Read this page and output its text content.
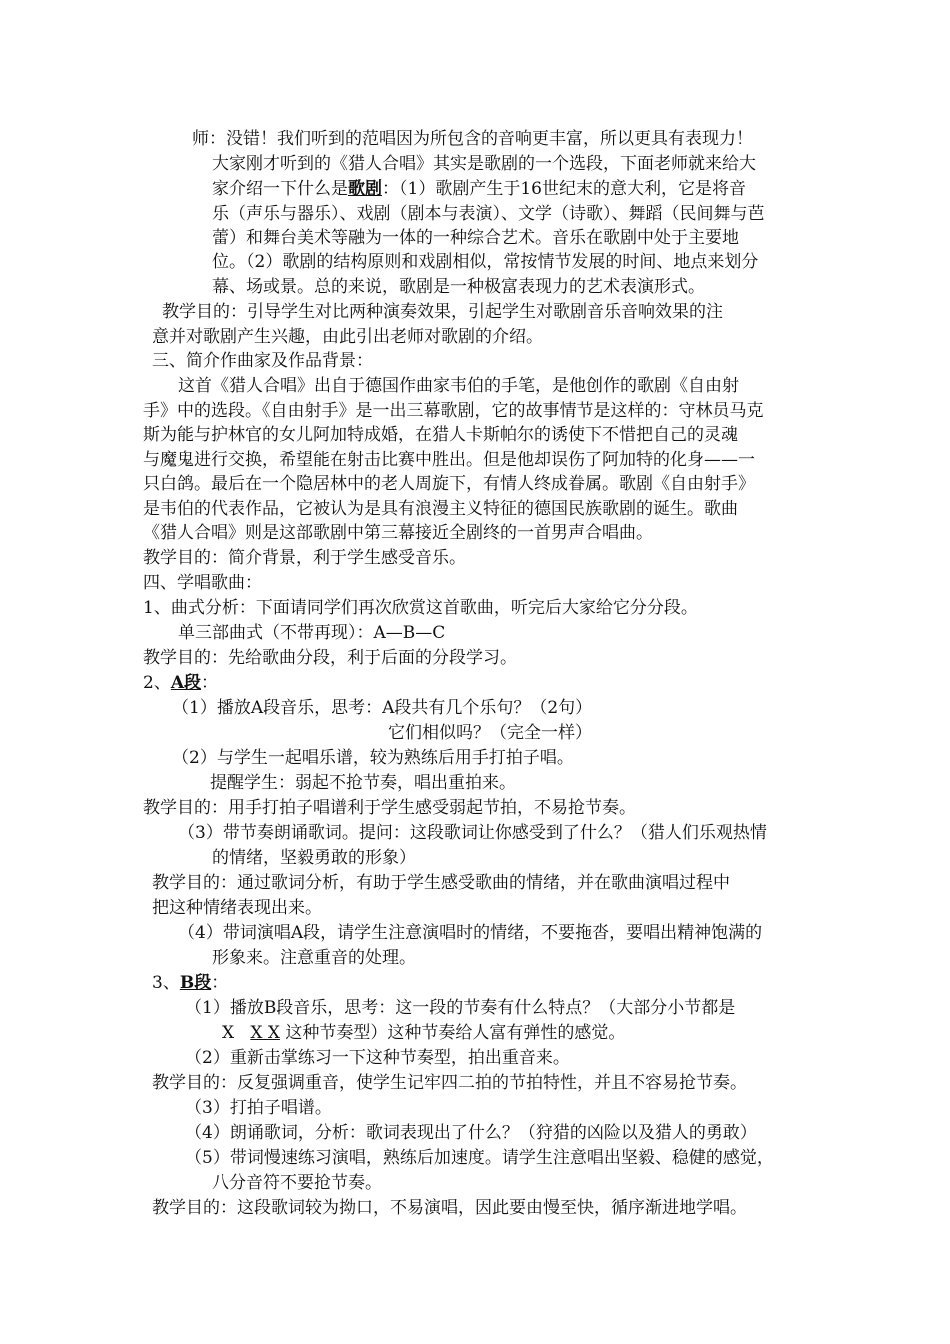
师：没错！我们听到的范唱因为所包含的音响更丰富，所以更具有表现力！
大家刚才听到的《猎人合唱》其实是歌剧的一个选段，下面老师就来给大
家介绍一下什么是歌剧：（1）歌剧产生于16世纪末的意大利，它是将音
乐（声乐与器乐）、戏剧（剧本与表演）、文学（诗歌）、舞蹈（民间舞与芭
蕾）和舞台美术等融为一体的一种综合艺术。音乐在歌剧中处于主要地
位。（2）歌剧的结构原则和戏剧相似，常按情节发展的时间、地点来划分
幕、场或景。总的来说，歌剧是一种极富表现力的艺术表演形式。
教学目的：引导学生对比两种演奏效果，引起学生对歌剧音乐音响效果的注
意并对歌剧产生兴趣，由此引出老师对歌剧的介绍。
三、简介作曲家及作品背景：
这首《猎人合唱》出自于德国作曲家韦伯的手笔，是他创作的歌剧《自由射
手》中的选段。《自由射手》是一出三幕歌剧，它的故事情节是这样的：守林员马克
斯为能与护林官的女儿阿加特成婚，在猎人卡斯帕尔的诱使下不惜把自己的灵魂
与魔鬼进行交换，希望能在射击比赛中胜出。但是他却误伤了阿加特的化身——一
只白鸽。最后在一个隐居林中的老人周旋下，有情人终成眷属。歌剧《自由射手》
是韦伯的代表作品，它被认为是具有浪漫主义特征的德国民族歌剧的诞生。歌曲
《猎人合唱》则是这部歌剧中第三幕接近全剧终的一首男声合唱曲。
教学目的：简介背景，利于学生感受音乐。
四、学唱歌曲：
1、曲式分析：下面请同学们再次欣赏这首歌曲，听完后大家给它分分段。
单三部曲式（不带再现）：A—B—C
教学目的：先给歌曲分段，利于后面的分段学习。
2、A段：
（1）播放A段音乐，思考：A段共有几个乐句？（2句）
它们相似吗？（完全一样）
（2）与学生一起唱乐谱，较为熟练后用手打拍子唱。
提醒学生：弱起不抢节奏，唱出重拍来。
教学目的：用手打拍子唱谱利于学生感受弱起节拍，不易抢节奏。
（3）带节奏朗诵歌词。提问：这段歌词让你感受到了什么？（猎人们乐观热情
的情绪，坚毅勇敢的形象）
教学目的：通过歌词分析，有助于学生感受歌曲的情绪，并在歌曲演唱过程中
把这种情绪表现出来。
（4）带词演唱A段，请学生注意演唱时的情绪，不要拖沓，要唱出精神饱满的
形象来。注意重音的处理。
3、B段：
（1）播放B段音乐，思考：这一段的节奏有什么特点？（大部分小节都是
X X X 这种节奏型）这种节奏给人富有弹性的感觉。
（2）重新击掌练习一下这种节奏型，拍出重音来。
教学目的：反复强调重音，使学生记牢四二拍的节拍特性，并且不容易抢节奏。
（3）打拍子唱谱。
（4）朗诵歌词，分析：歌词表现出了什么？（狩猎的凶险以及猎人的勇敢）
（5）带词慢速练习演唱，熟练后加速度。请学生注意唱出坚毅、稳健的感觉，
八分音符不要抢节奏。
教学目的：这段歌词较为拗口，不易演唱，因此要由慢至快，循序渐进地学唱。
